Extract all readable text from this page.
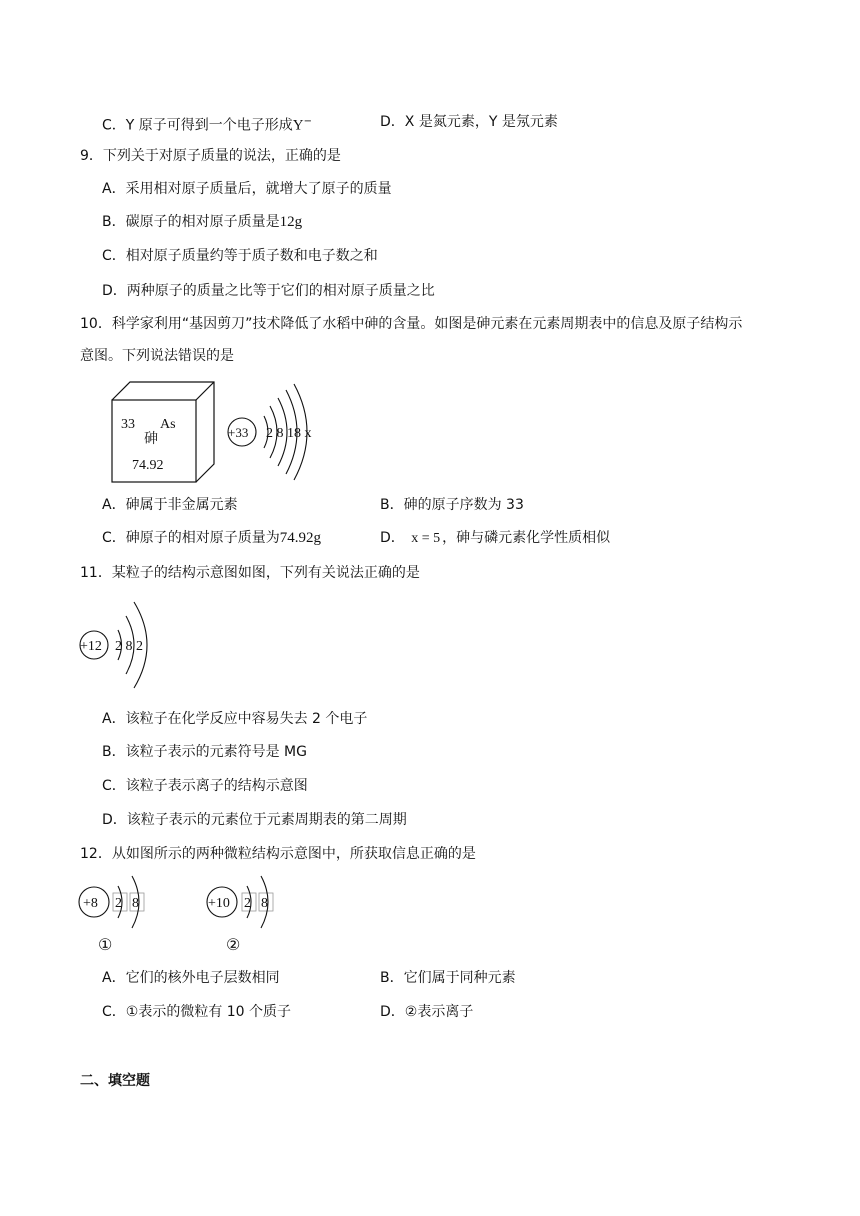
C．Y 原子可得到一个电子形成Y−	D．X 是氮元素，Y 是氖元素
9．下列关于对原子质量的说法，正确的是
A．采用相对原子质量后，就增大了原子的质量
B．碳原子的相对原子质量是12g
C．相对原子质量约等于质子数和电子数之和
D．两种原子的质量之比等于它们的相对原子质量之比
10．科学家利用“基因剪刀”技术降低了水稻中砷的含量。如图是砷元素在元素周期表中的信息及原子结构示
意图。下列说法错误的是
33 As
砷
74.92
+33 2 8 18 x
A．砷属于非金属元素	B．砷的原子序数为 33
C．砷原子的相对原子质量为74.92g	D． x = 5 ，砷与磷元素化学性质相似
11．某粒子的结构示意图如图，下列有关说法正确的是
+12 2 8 2
A．该粒子在化学反应中容易失去 2 个电子
B．该粒子表示的元素符号是 MG
C．该粒子表示离子的结构示意图
D．该粒子表示的元素位于元素周期表的第二周期
12．从如图所示的两种微粒结构示意图中，所获取信息正确的是
+8 2 8
①
+10 2 8
②
A．它们的核外电子层数相同	B．它们属于同种元素
C．①表示的微粒有 10 个质子	D．②表示离子
二、填空题
